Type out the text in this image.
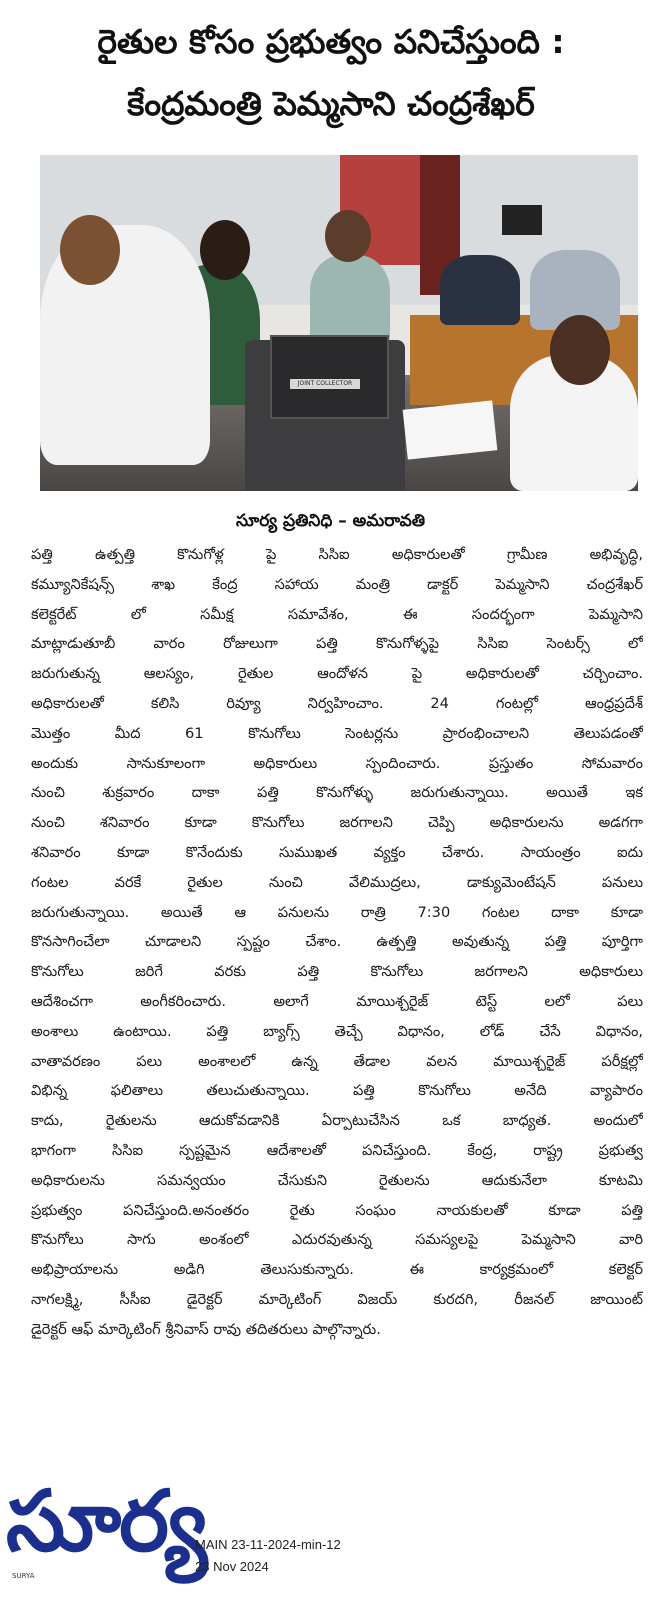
రైతుల కోసం ప్రభుత్వం పనిచేస్తుంది :
కేంద్రమంత్రి పెమ్మసాని చంద్రశేఖర్
JOINT COLLECTOR
సూర్య ప్రతినిధి – అమరావతి
పత్తి ఉత్పత్తి కొనుగోళ్ల పై సిసిఐ అధికారులతో గ్రామీణ అభివృద్ధి,
కమ్యూనికేషన్స్ శాఖ కేంద్ర సహాయ మంత్రి డాక్టర్ పెమ్మసాని చంద్రశేఖర్
కలెక్టరేట్ లో సమీక్ష సమావేశం, ఈ సందర్భంగా పెమ్మసాని
మాట్లాడుతూబీ వారం రోజులుగా పత్తి కొనుగోళ్ళపై సిసిఐ సెంటర్స్ లో
జరుగుతున్న ఆలస్యం, రైతుల ఆందోళన పై అధికారులతో చర్చించాం.
అధికారులతో కలిసి రివ్యూ నిర్వహించాం. 24 గంటల్లో ఆంధ్రప్రదేశ్
మొత్తం మీద 61 కొనుగోలు సెంటర్లను ప్రారంభించాలని తెలుపడంతో
అందుకు సానుకూలంగా అధికారులు స్పందించారు. ప్రస్తుతం సోమవారం
నుంచి శుక్రవారం దాకా పత్తి కొనుగోళ్ళు జరుగుతున్నాయి. అయితే ఇక
నుంచి శనివారం కూడా కొనుగోలు జరగాలని చెప్పి అధికారులను అడగగా
శనివారం కూడా కొనేందుకు సుముఖత వ్యక్తం చేశారు. సాయంత్రం ఐదు
గంటల వరకే రైతుల నుంచి వేలిముద్రలు, డాక్యుమెంటేషన్ పనులు
జరుగుతున్నాయి. అయితే ఆ పనులను రాత్రి 7:30 గంటల దాకా కూడా
కొనసాగించేలా చూడాలని స్పష్టం చేశాం. ఉత్పత్తి అవుతున్న పత్తి పూర్తిగా
కొనుగోలు జరిగే వరకు పత్తి కొనుగోలు జరగాలని అధికారులు
ఆదేశించగా అంగీకరించారు. అలాగే మాయిశ్చరైజ్ టెస్ట్ లలో పలు
అంశాలు ఉంటాయి. పత్తి బ్యాగ్స్ తెచ్చే విధానం, లోడ్ చేసే విధానం,
వాతావరణం పలు అంశాలలో ఉన్న తేడాల వలన మాయిశ్చరైజ్ పరీక్షల్లో
విభిన్న ఫలితాలు తలుచుతున్నాయి. పత్తి కొనుగోలు అనేది వ్యాపారం
కాదు, రైతులను ఆదుకోవడానికి ఏర్పాటుచేసిన ఒక బాధ్యత. అందులో
భాగంగా సిసిఐ స్పష్టమైన ఆదేశాలతో పనిచేస్తుంది. కేంద్ర, రాష్ట్ర ప్రభుత్వ
అధికారులను సమన్వయం చేసుకుని రైతులను ఆదుకునేలా కూటమి
ప్రభుత్వం పనిచేస్తుంది.అనంతరం రైతు సంఘం నాయకులతో కూడా పత్తి
కొనుగోలు సాగు అంశంలో ఎదురవుతున్న సమస్యలపై పెమ్మసాని వారి
అభిప్రాయాలను అడిగి తెలుసుకున్నారు. ఈ కార్యక్రమంలో కలెక్టర్
నాగలక్ష్మి, సీసీఐ డైరెక్టర్ మార్కెటింగ్ విజయ్ కురదగి, రీజనల్ జాయింట్
డైరెక్టర్ ఆఫ్ మార్కెటింగ్ శ్రీనివాస్ రావు తదితరులు పాల్గొన్నారు.
సూర్య
SURYA
MAIN 23-11-2024-min-12
23 Nov 2024
